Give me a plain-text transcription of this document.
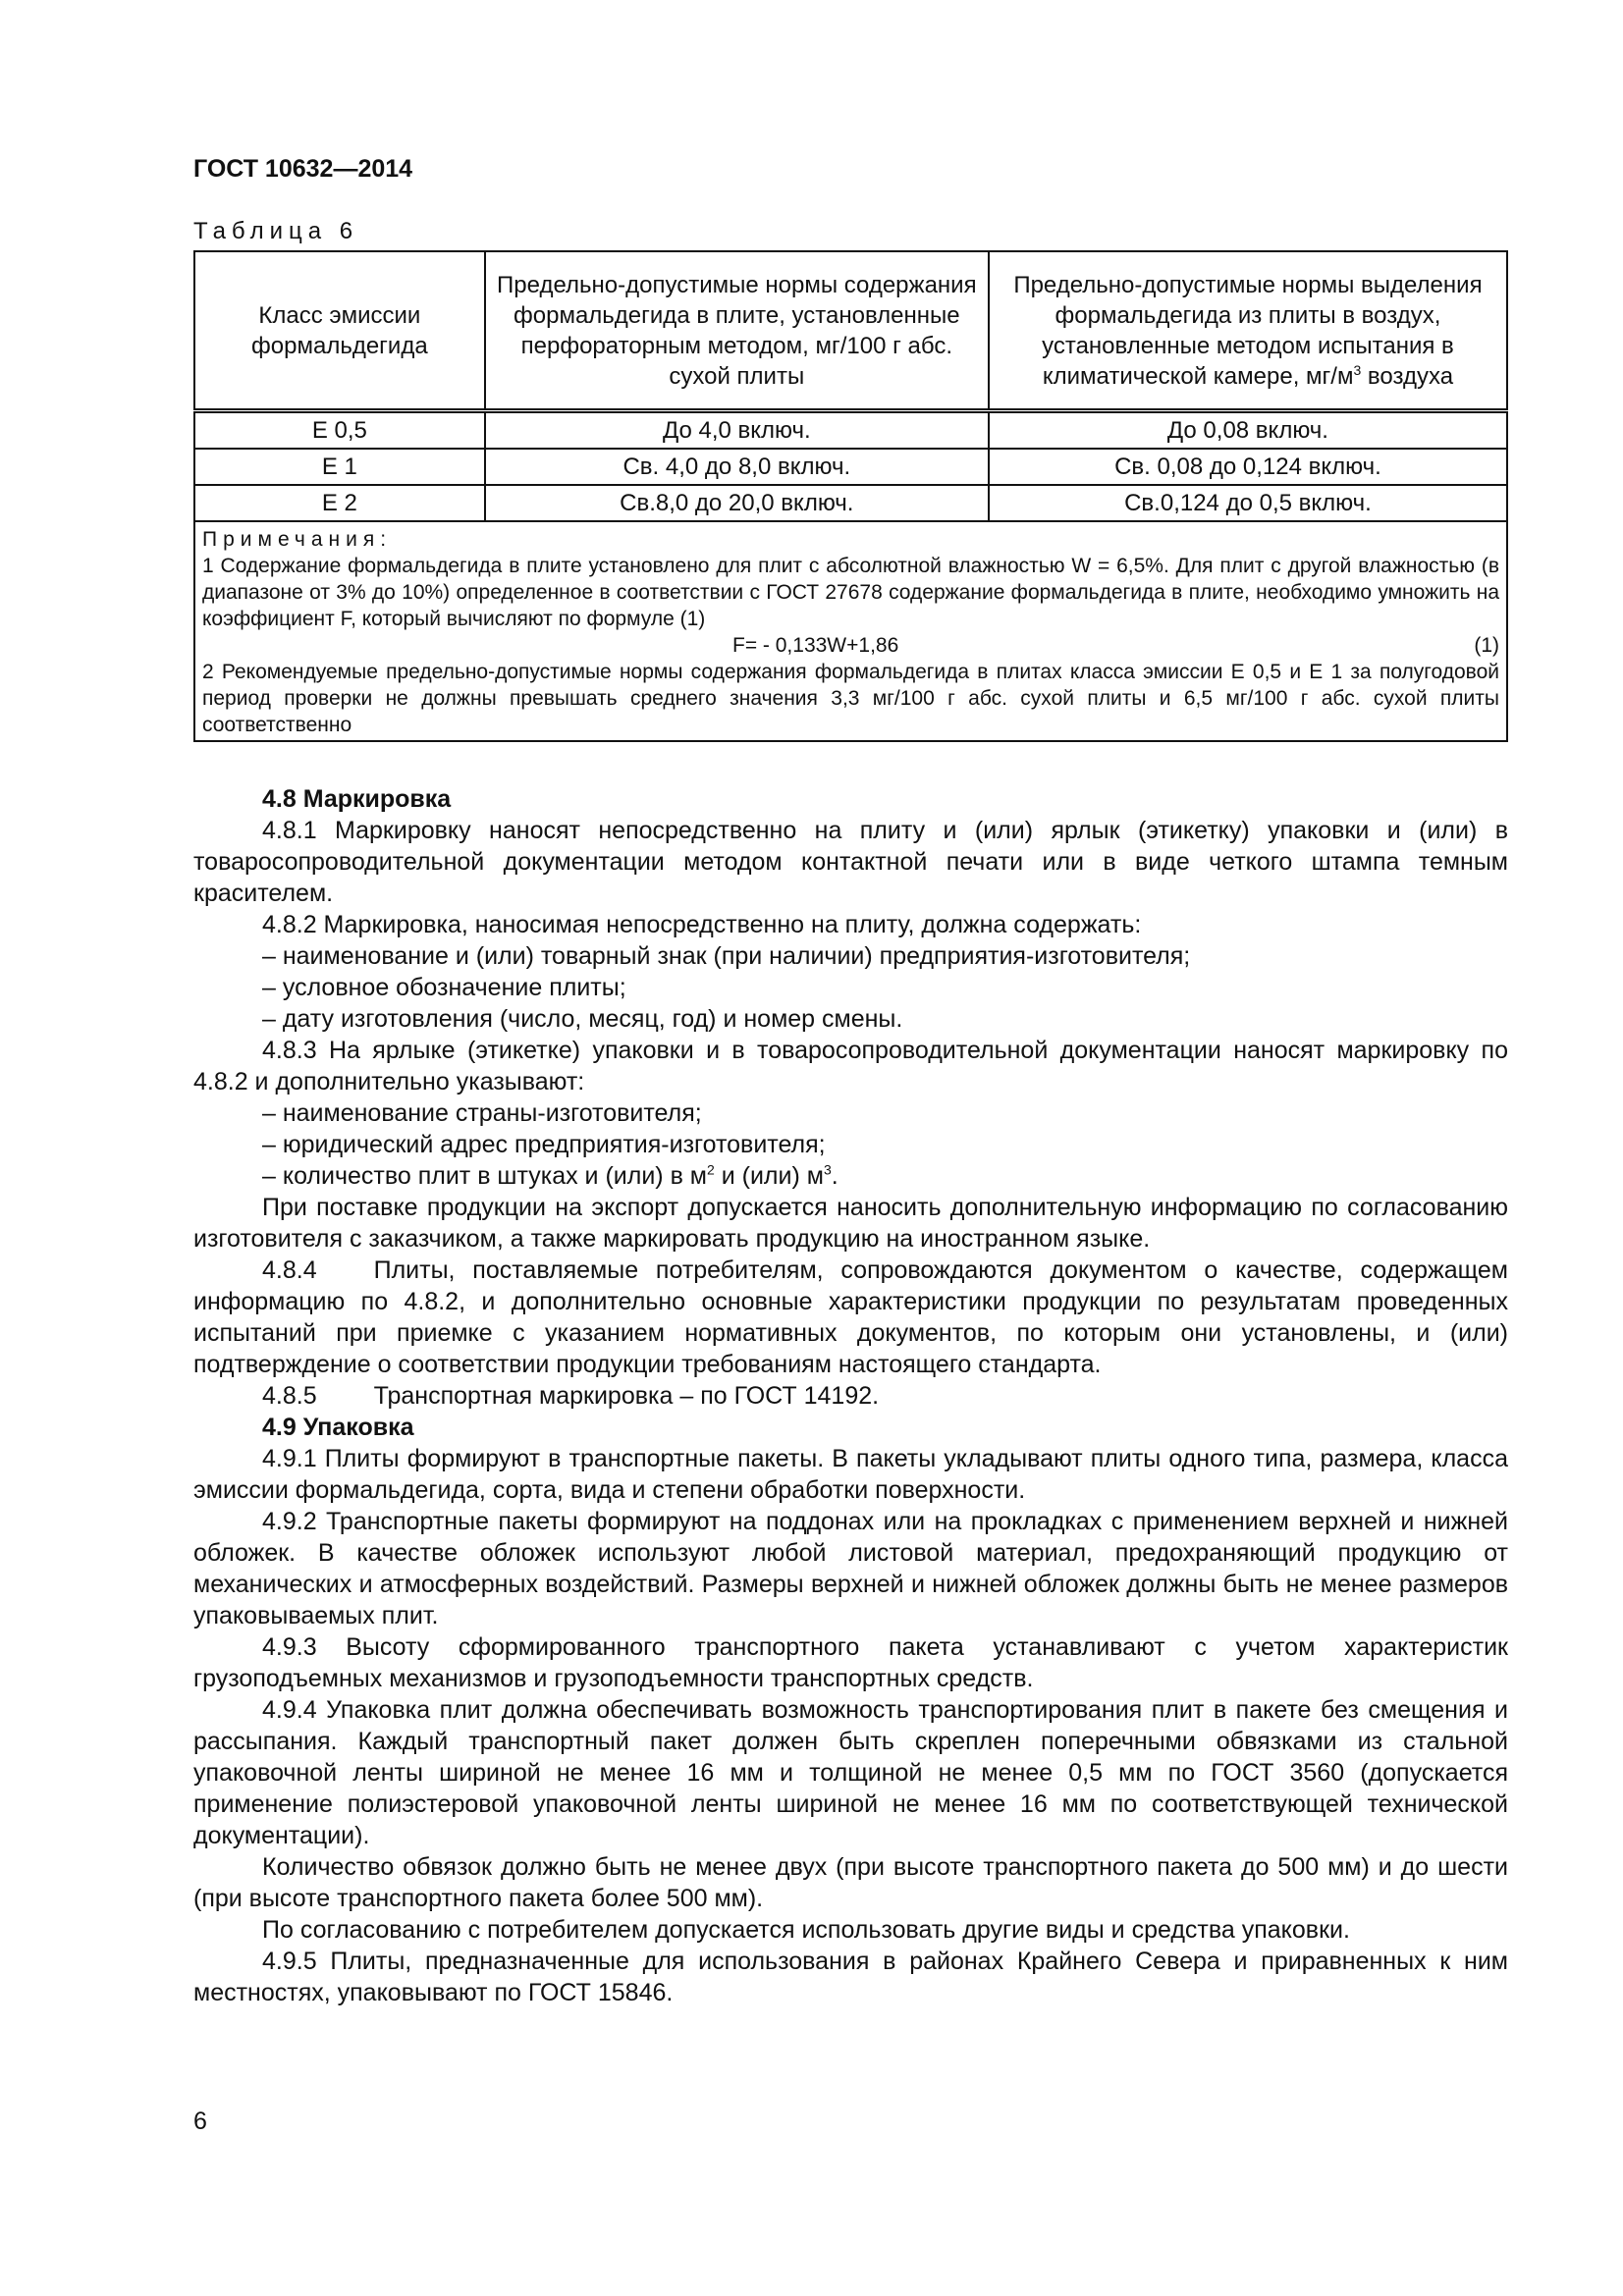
ГОСТ 10632—2014
Таблица 6
Класс эмиссии формальдегида	Предельно-допустимые нормы содержания формальдегида в плите, установленные перфораторным методом, мг/100 г абс. сухой плиты	Предельно-допустимые нормы выделения формальдегида из плиты в воздух, установленные методом испытания в климатической камере, $мг/м^3$ воздуха
Е 0,5	До 4,0 включ.	До 0,08 включ.
Е 1	Св. 4,0 до 8,0 включ.	Св. 0,08 до 0,124 включ.
Е 2	Св.8,0 до 20,0 включ.	Св.0,124 до 0,5 включ.

Примечания:
1 Содержание формальдегида в плите установлено для плит с абсолютной влажностью W = 6,5%. Для плит с другой влажностью (в диапазоне от 3% до 10%) определенное в соответствии с ГОСТ 27678 содержание формальдегида в плите, необходимо умножить на коэффициент F, который вычисляют по формуле (1)
F= - 0,133W+1,86 (1)
2 Рекомендуемые предельно-допустимые нормы содержания формальдегида в плитах класса эмиссии Е 0,5 и Е 1 за полугодовой период проверки не должны превышать среднего значения 3,3 мг/100 г абс. сухой плиты и 6,5 мг/100 г абс. сухой плиты соответственно		

4.8 Маркировка

4.8.1 Маркировку наносят непосредственно на плиту и (или) ярлык (этикетку) упаковки и (или) в товаросопроводительной документации методом контактной печати или в виде четкого штампа темным красителем.

4.8.2 Маркировка, наносимая непосредственно на плиту, должна содержать:

– наименование и (или) товарный знак (при наличии) предприятия-изготовителя;

– условное обозначение плиты;

– дату изготовления (число, месяц, год) и номер смены.

4.8.3 На ярлыке (этикетке) упаковки и в товаросопроводительной документации наносят маркировку по 4.8.2 и дополнительно указывают:

– наименование страны-изготовителя;

– юридический адрес предприятия-изготовителя;

– количество плит в штуках и (или) в $м^2$ и (или) $м^3$.

При поставке продукции на экспорт допускается наносить дополнительную информацию по согласованию изготовителя с заказчиком, а также маркировать продукцию на иностранном языке.

4.8.4 Плиты, поставляемые потребителям, сопровождаются документом о качестве, содержащем информацию по 4.8.2, и дополнительно основные характеристики продукции по результатам проведенных испытаний при приемке с указанием нормативных документов, по которым они установлены, и (или) подтверждение о соответствии продукции требованиям настоящего стандарта.

4.8.5 Транспортная маркировка – по ГОСТ 14192.

4.9 Упаковка

4.9.1 Плиты формируют в транспортные пакеты. В пакеты укладывают плиты одного типа, размера, класса эмиссии формальдегида, сорта, вида и степени обработки поверхности.

4.9.2 Транспортные пакеты формируют на поддонах или на прокладках с применением верхней и нижней обложек. В качестве обложек используют любой листовой материал, предохраняющий продукцию от механических и атмосферных воздействий. Размеры верхней и нижней обложек должны быть не менее размеров упаковываемых плит.

4.9.3 Высоту сформированного транспортного пакета устанавливают с учетом характеристик грузоподъемных механизмов и грузоподъемности транспортных средств.

4.9.4 Упаковка плит должна обеспечивать возможность транспортирования плит в пакете без смещения и рассыпания. Каждый транспортный пакет должен быть скреплен поперечными обвязками из стальной упаковочной ленты шириной не менее 16 мм и толщиной не менее 0,5 мм по ГОСТ 3560 (допускается применение полиэстеровой упаковочной ленты шириной не менее 16 мм по соответствующей технической документации).

Количество обвязок должно быть не менее двух (при высоте транспортного пакета до 500 мм) и до шести (при высоте транспортного пакета более 500 мм).

По согласованию с потребителем допускается использовать другие виды и средства упаковки.

4.9.5 Плиты, предназначенные для использования в районах Крайнего Севера и приравненных к ним местностях, упаковывают по ГОСТ 15846.

6
